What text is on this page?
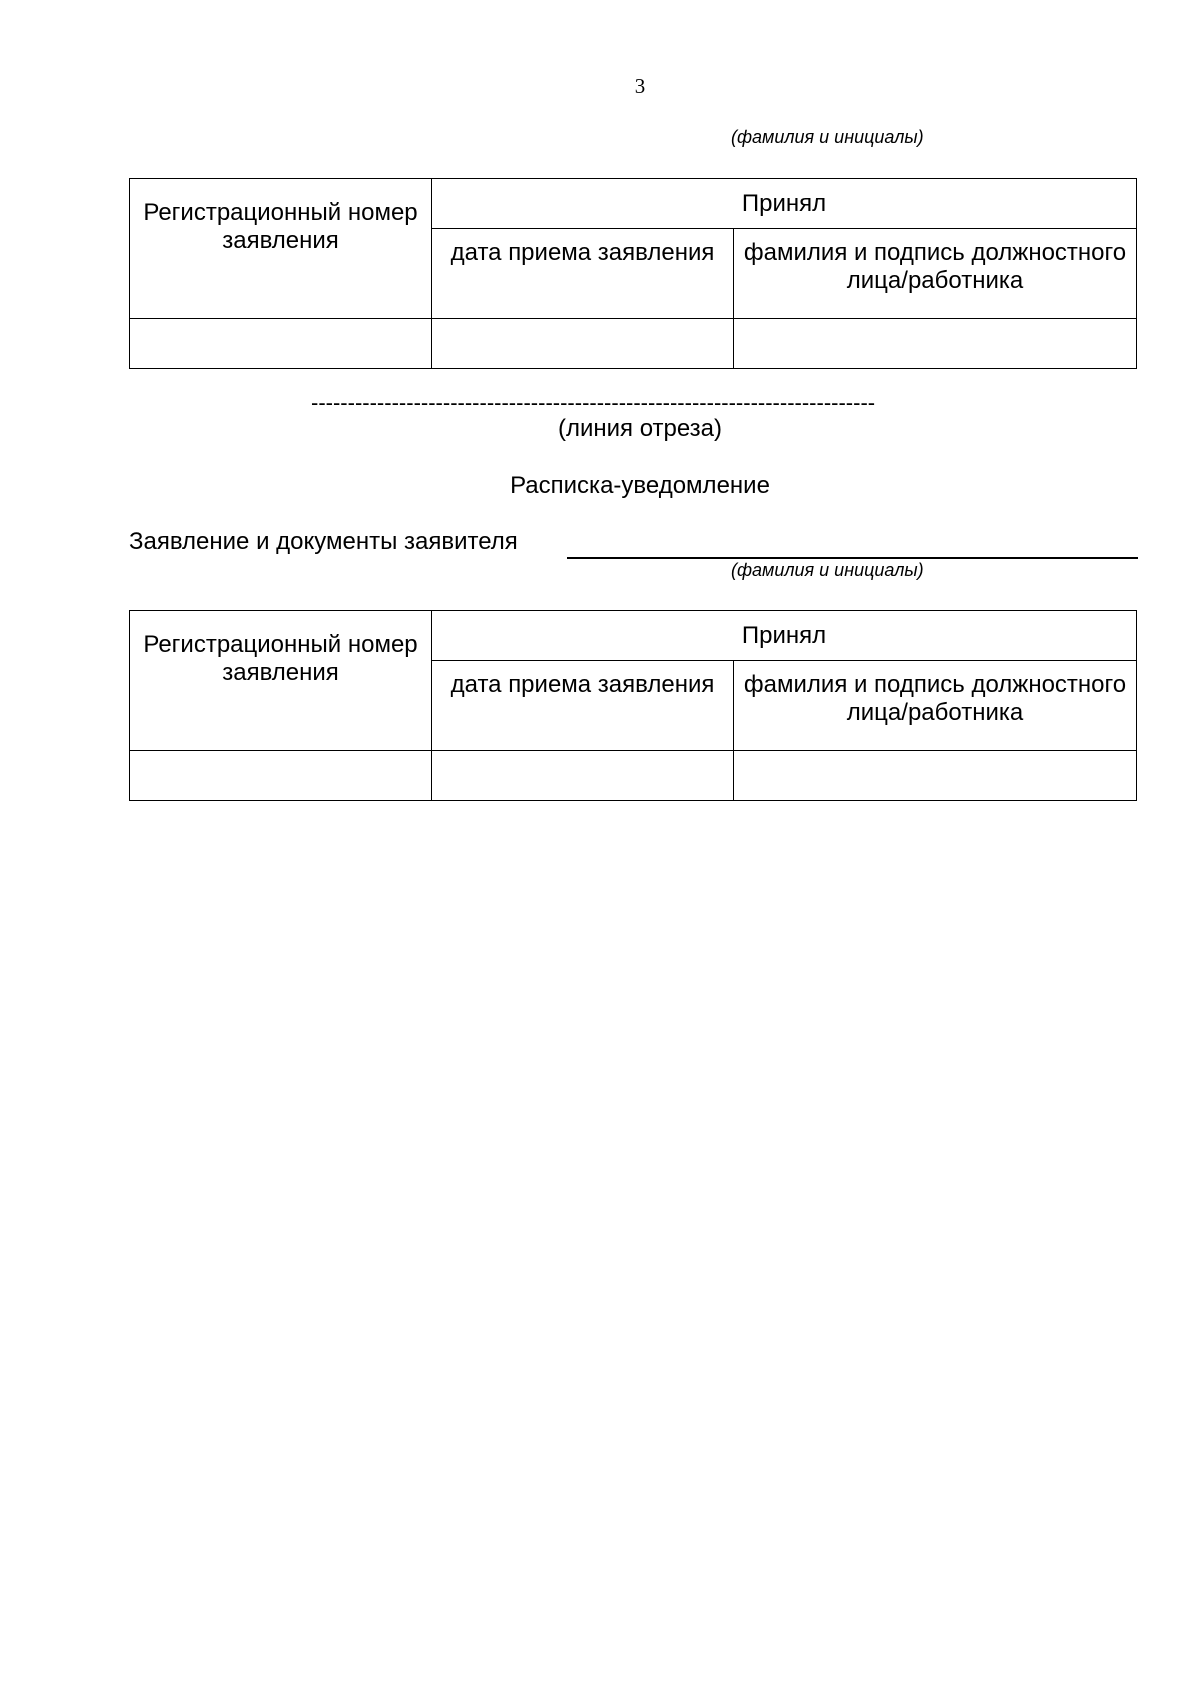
3
(фамилия и инициалы)
Регистрационный номер заявления	Принял	
	дата приема заявления	фамилия и подпись должностного лица/работника

-----------------------------------------------------------------------------
(линия отреза)
Расписка-уведомление
Заявление и документы заявителя
(фамилия и инициалы)
Регистрационный номер заявления	Принял	
	дата приема заявления	фамилия и подпись должностного лица/работника
